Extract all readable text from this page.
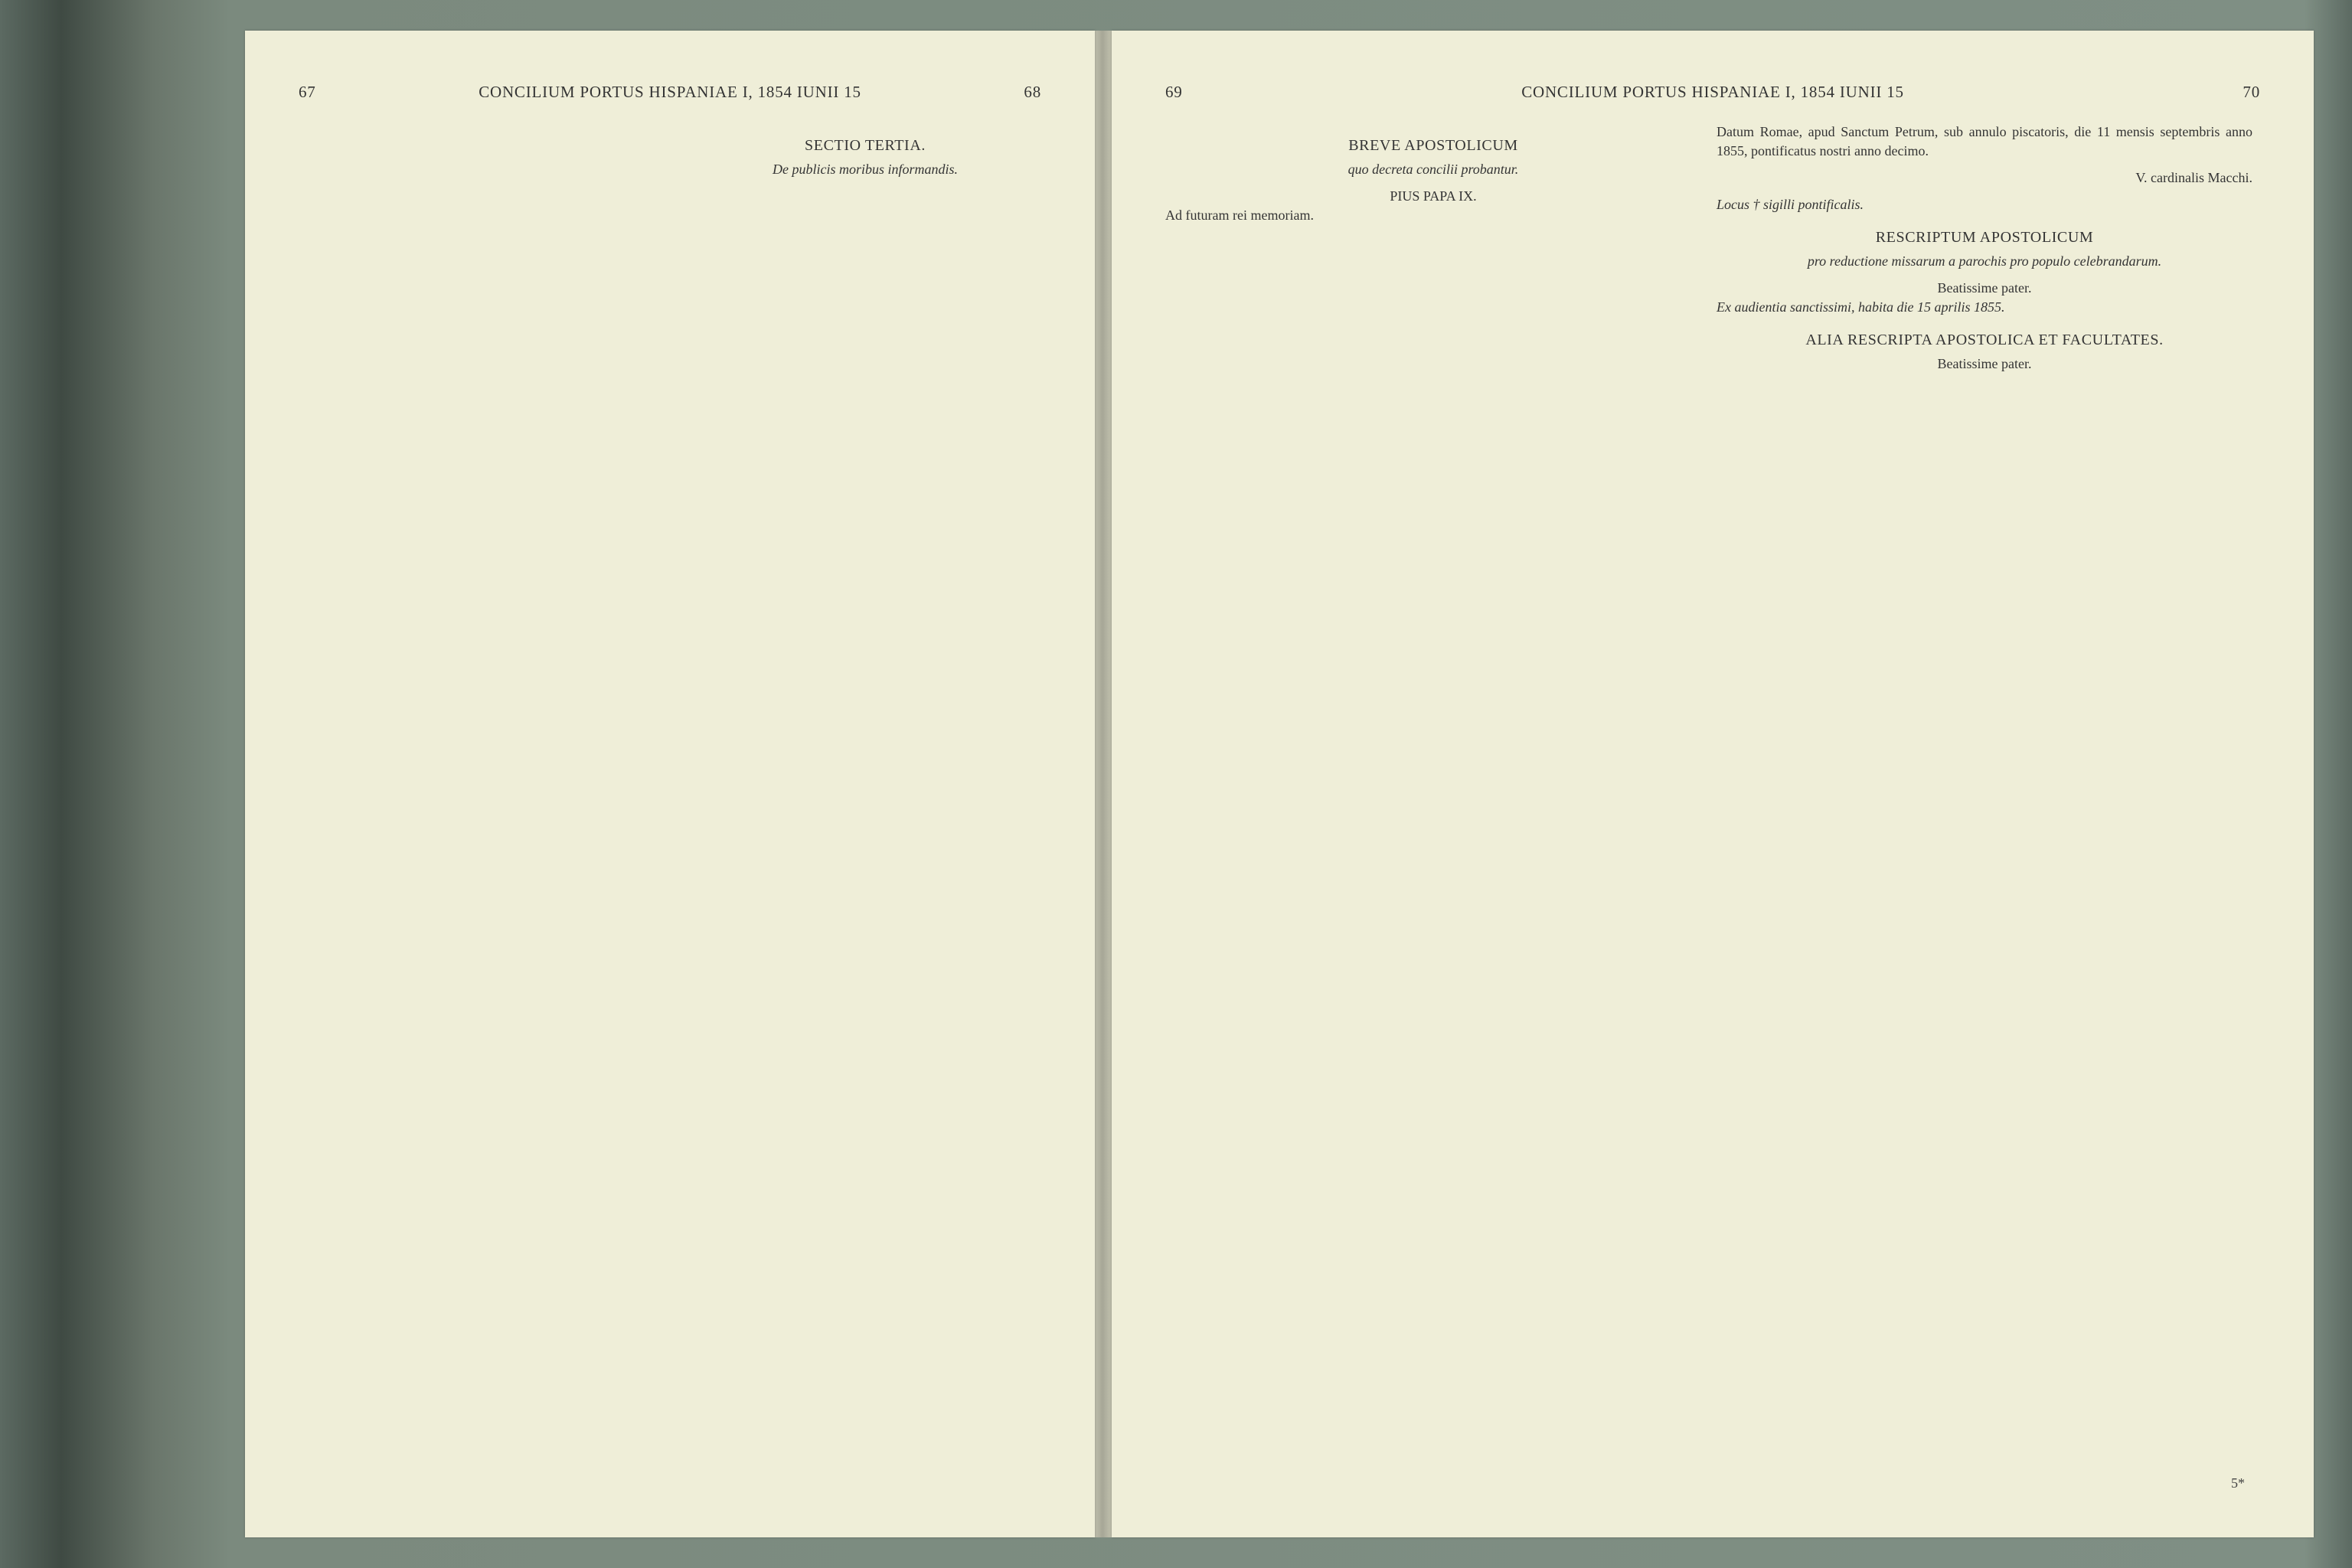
67	CONCILIUM PORTUS HISPANIAE I, 1854 IUNII 15	68
SECTIO TERTIA.
De publicis moribus informandis.
69	CONCILIUM PORTUS HISPANIAE I, 1854 IUNII 15	70
BREVE APOSTOLICUM
quo decreta concilii probantur.
PIUS PAPA IX.

Ad futuram rei memoriam.

Datum Romae, apud Sanctum Petrum, sub annulo piscatoris, die 11 mensis septembris anno 1855, pontificatus nostri anno decimo.

V. cardinalis Macchi.

Locus † sigilli pontificalis.

RESCRIPTUM APOSTOLICUM
pro reductione missarum a parochis pro populo celebrandarum.
Beatissime pater.

Ex audientia sanctissimi, habita die 15 aprilis 1855.

ALIA RESCRIPTA APOSTOLICA ET FACULTATES.
Beatissime pater.
5*
